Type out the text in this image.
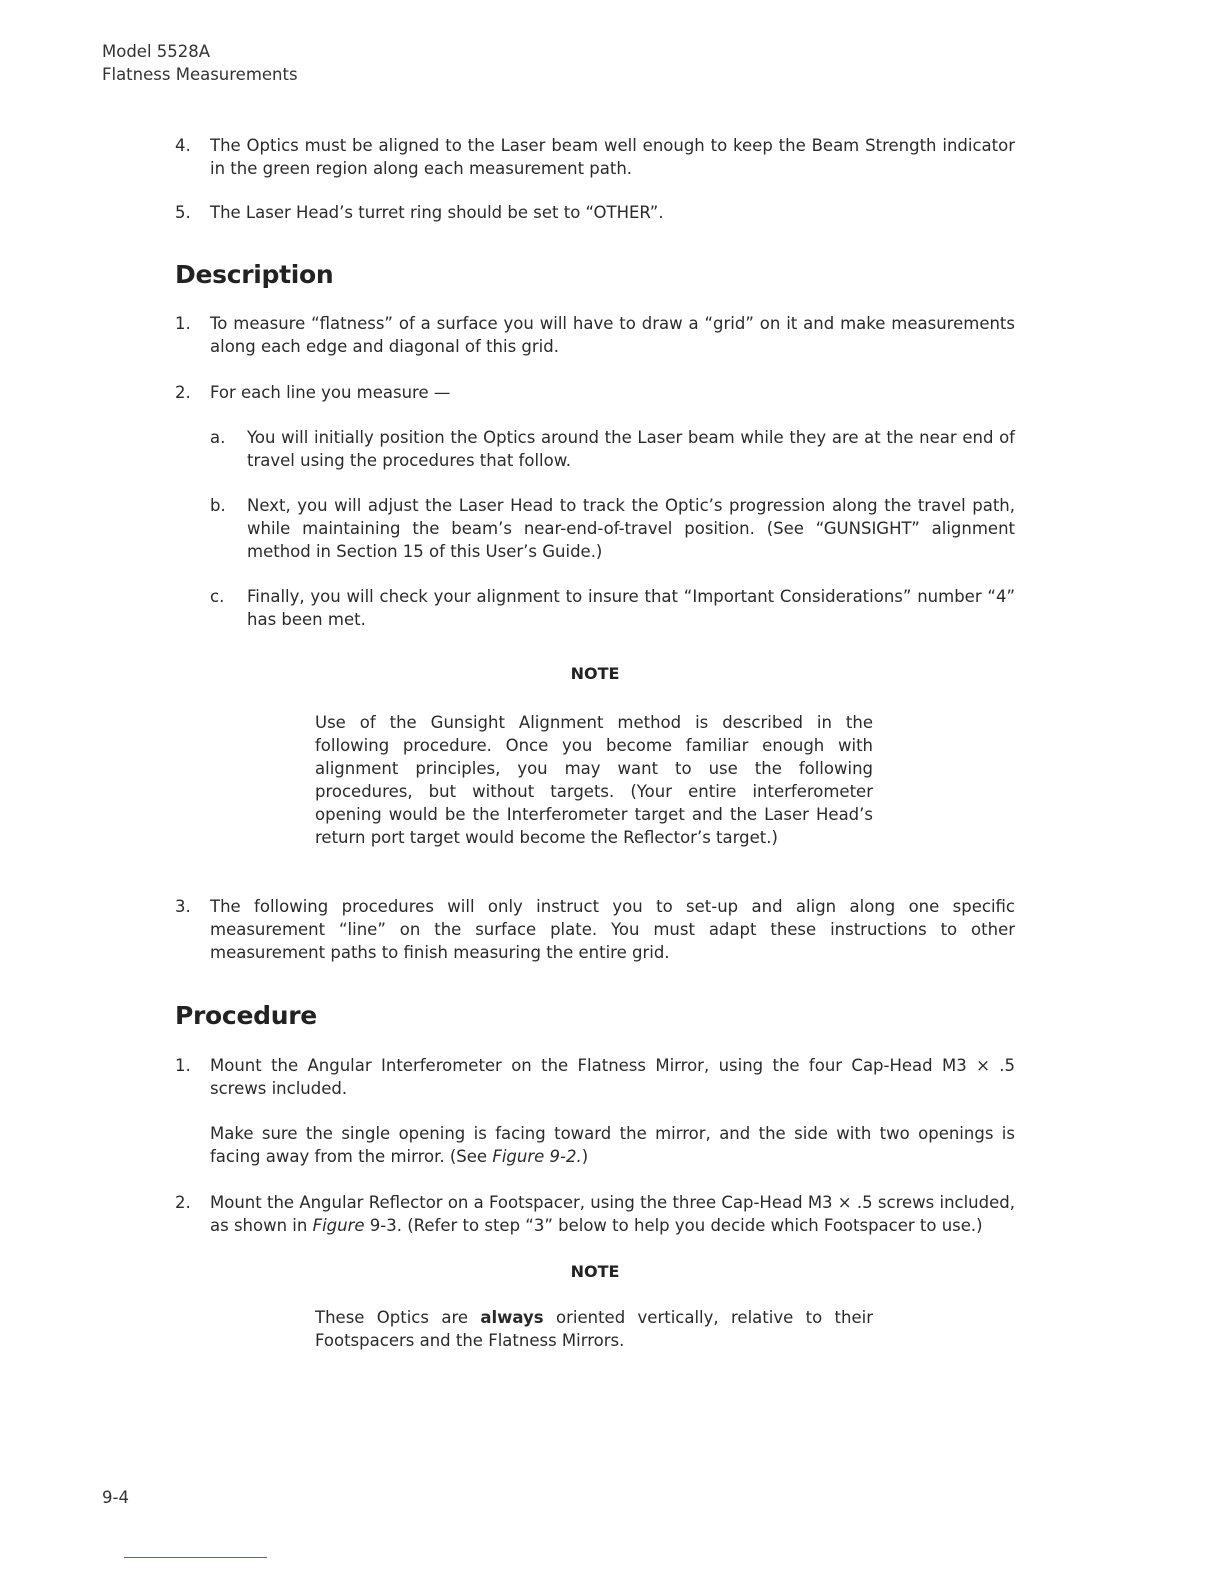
Model 5528A
Flatness Measurements
4. The Optics must be aligned to the Laser beam well enough to keep the Beam Strength indicator in the green region along each measurement path.
5. The Laser Head’s turret ring should be set to “OTHER”.
Description
1. To measure “flatness” of a surface you will have to draw a “grid” on it and make measurements along each edge and diagonal of this grid.
2. For each line you measure —
a. You will initially position the Optics around the Laser beam while they are at the near end of travel using the procedures that follow.
b. Next, you will adjust the Laser Head to track the Optic’s progression along the travel path, while maintaining the beam’s near-end-of-travel position. (See “GUNSIGHT” alignment method in Section 15 of this User’s Guide.)
c. Finally, you will check your alignment to insure that “Important Considerations” number “4” has been met.
NOTE
Use of the Gunsight Alignment method is described in the following procedure. Once you become familiar enough with alignment principles, you may want to use the following procedures, but without targets. (Your entire interferometer opening would be the Interferometer target and the Laser Head’s return port target would become the Reflector’s target.)
3. The following procedures will only instruct you to set-up and align along one specific measurement “line” on the surface plate. You must adapt these instructions to other measurement paths to finish measuring the entire grid.
Procedure
1. Mount the Angular Interferometer on the Flatness Mirror, using the four Cap-Head M3 × .5 screws included.
Make sure the single opening is facing toward the mirror, and the side with two openings is facing away from the mirror. (See Figure 9-2.)
2. Mount the Angular Reflector on a Footspacer, using the three Cap-Head M3 × .5 screws included, as shown in Figure 9-3. (Refer to step “3” below to help you decide which Footspacer to use.)
NOTE
These Optics are always oriented vertically, relative to their Footspacers and the Flatness Mirrors.
9-4
